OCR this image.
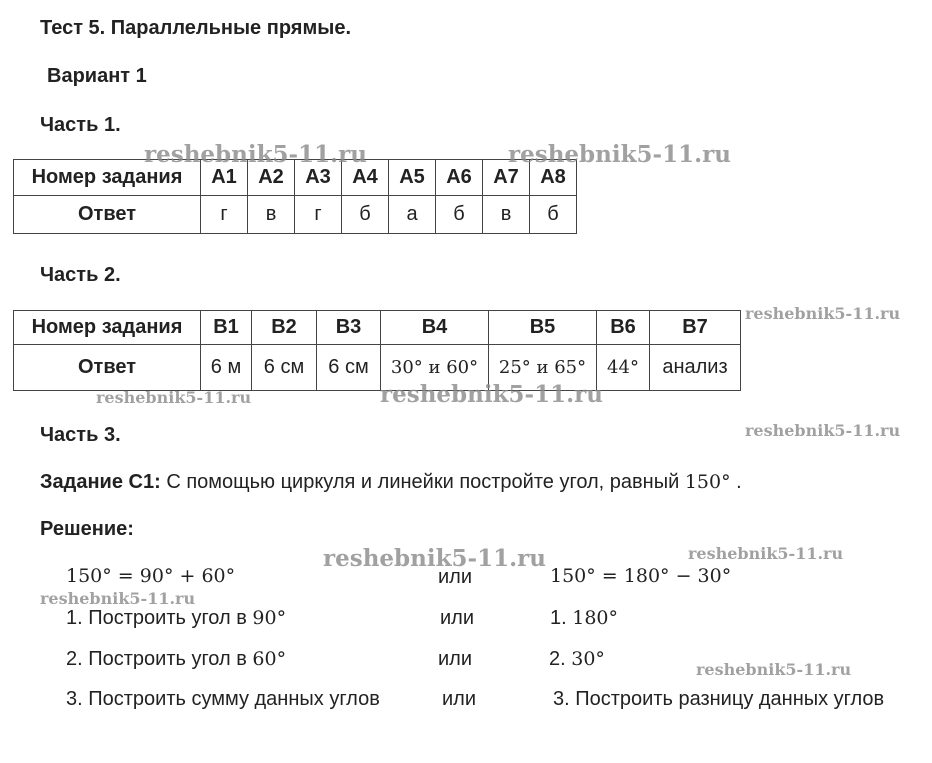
Тест 5. Параллельные прямые.
Вариант 1
Часть 1.
Номер задания	A1	A2	A3	A4	A5	A6	A7	A8
Ответ	г	в	г	б	а	б	в	б
Часть 2.
Номер задания	B1	B2	B3	B4	B5	B6	B7
Ответ	6 м	6 см	6 см	30° и 60°	25° и 65°	44°	анализ
Часть 3.
Задание С1: С помощью циркуля и линейки постройте угол, равный 150° .
Решение:
150° = 90° + 60°
1. Построить угол в 90°
2. Построить угол в 60°
3. Построить сумму данных углов
или
или
или
или
150° = 180° − 30°
1. 180°
2. 30°
3. Построить разницу данных углов
reshebnik5-11.ru	reshebnik5-11.ru
reshebnik5-11.ru
reshebnik5-11.ru	reshebnik5-11.ru
reshebnik5-11.ru
reshebnik5-11.ru	reshebnik5-11.ru
reshebnik5-11.ru
reshebnik5-11.ru
